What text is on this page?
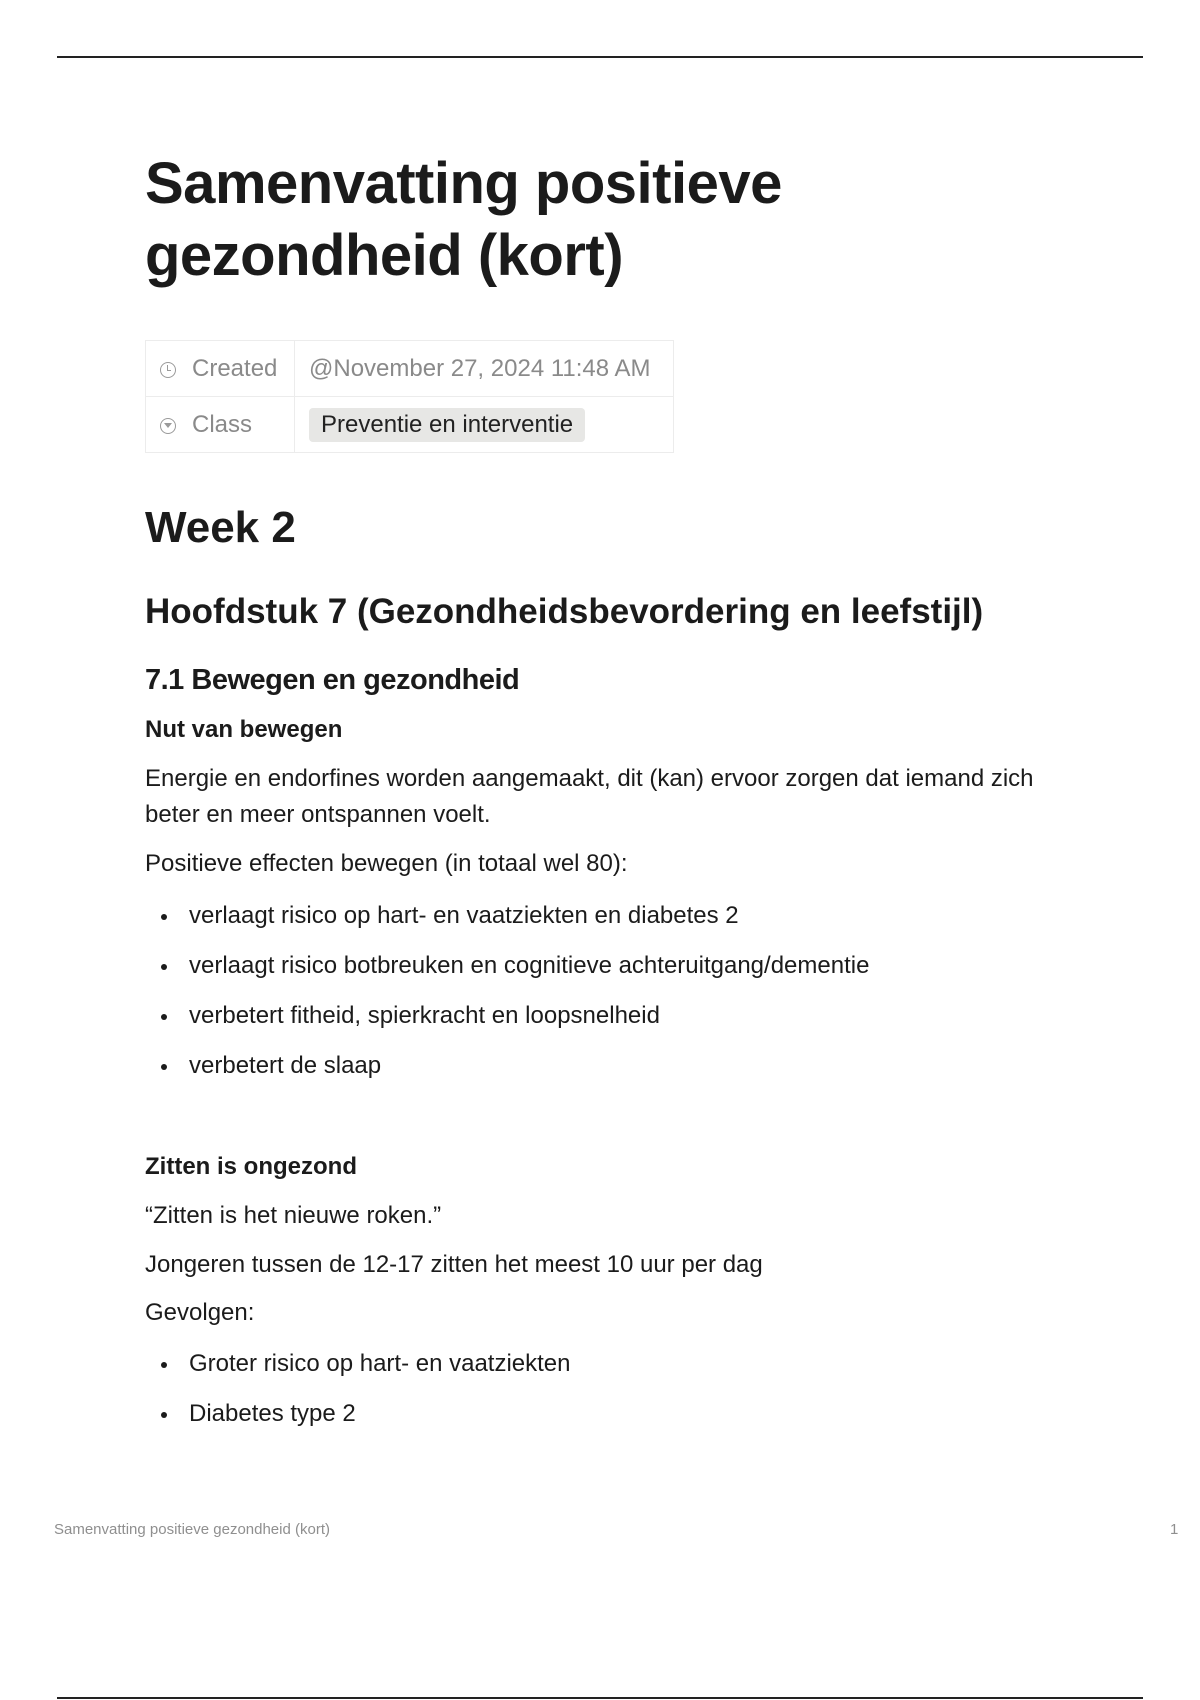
Samenvatting positieve gezondheid (kort)
Created	@November 27, 2024 11:48 AM
Class	Preventie en interventie
Week 2
Hoofdstuk 7 (Gezondheidsbevordering en leefstijl)
7.1 Bewegen en gezondheid

Nut van bewegen

Energie en endorfines worden aangemaakt, dit (kan) ervoor zorgen dat iemand zich beter en meer ontspannen voelt.

Positieve effecten bewegen (in totaal wel 80):

verlaagt risico op hart- en vaatziekten en diabetes 2
verlaagt risico botbreuken en cognitieve achteruitgang/dementie
verbetert fitheid, spierkracht en loopsnelheid
verbetert de slaap

Zitten is ongezond

“Zitten is het nieuwe roken.”

Jongeren tussen de 12-17 zitten het meest 10 uur per dag

Gevolgen:

Groter risico op hart- en vaatziekten
Diabetes type 2
Samenvatting positieve gezondheid (kort)	1
